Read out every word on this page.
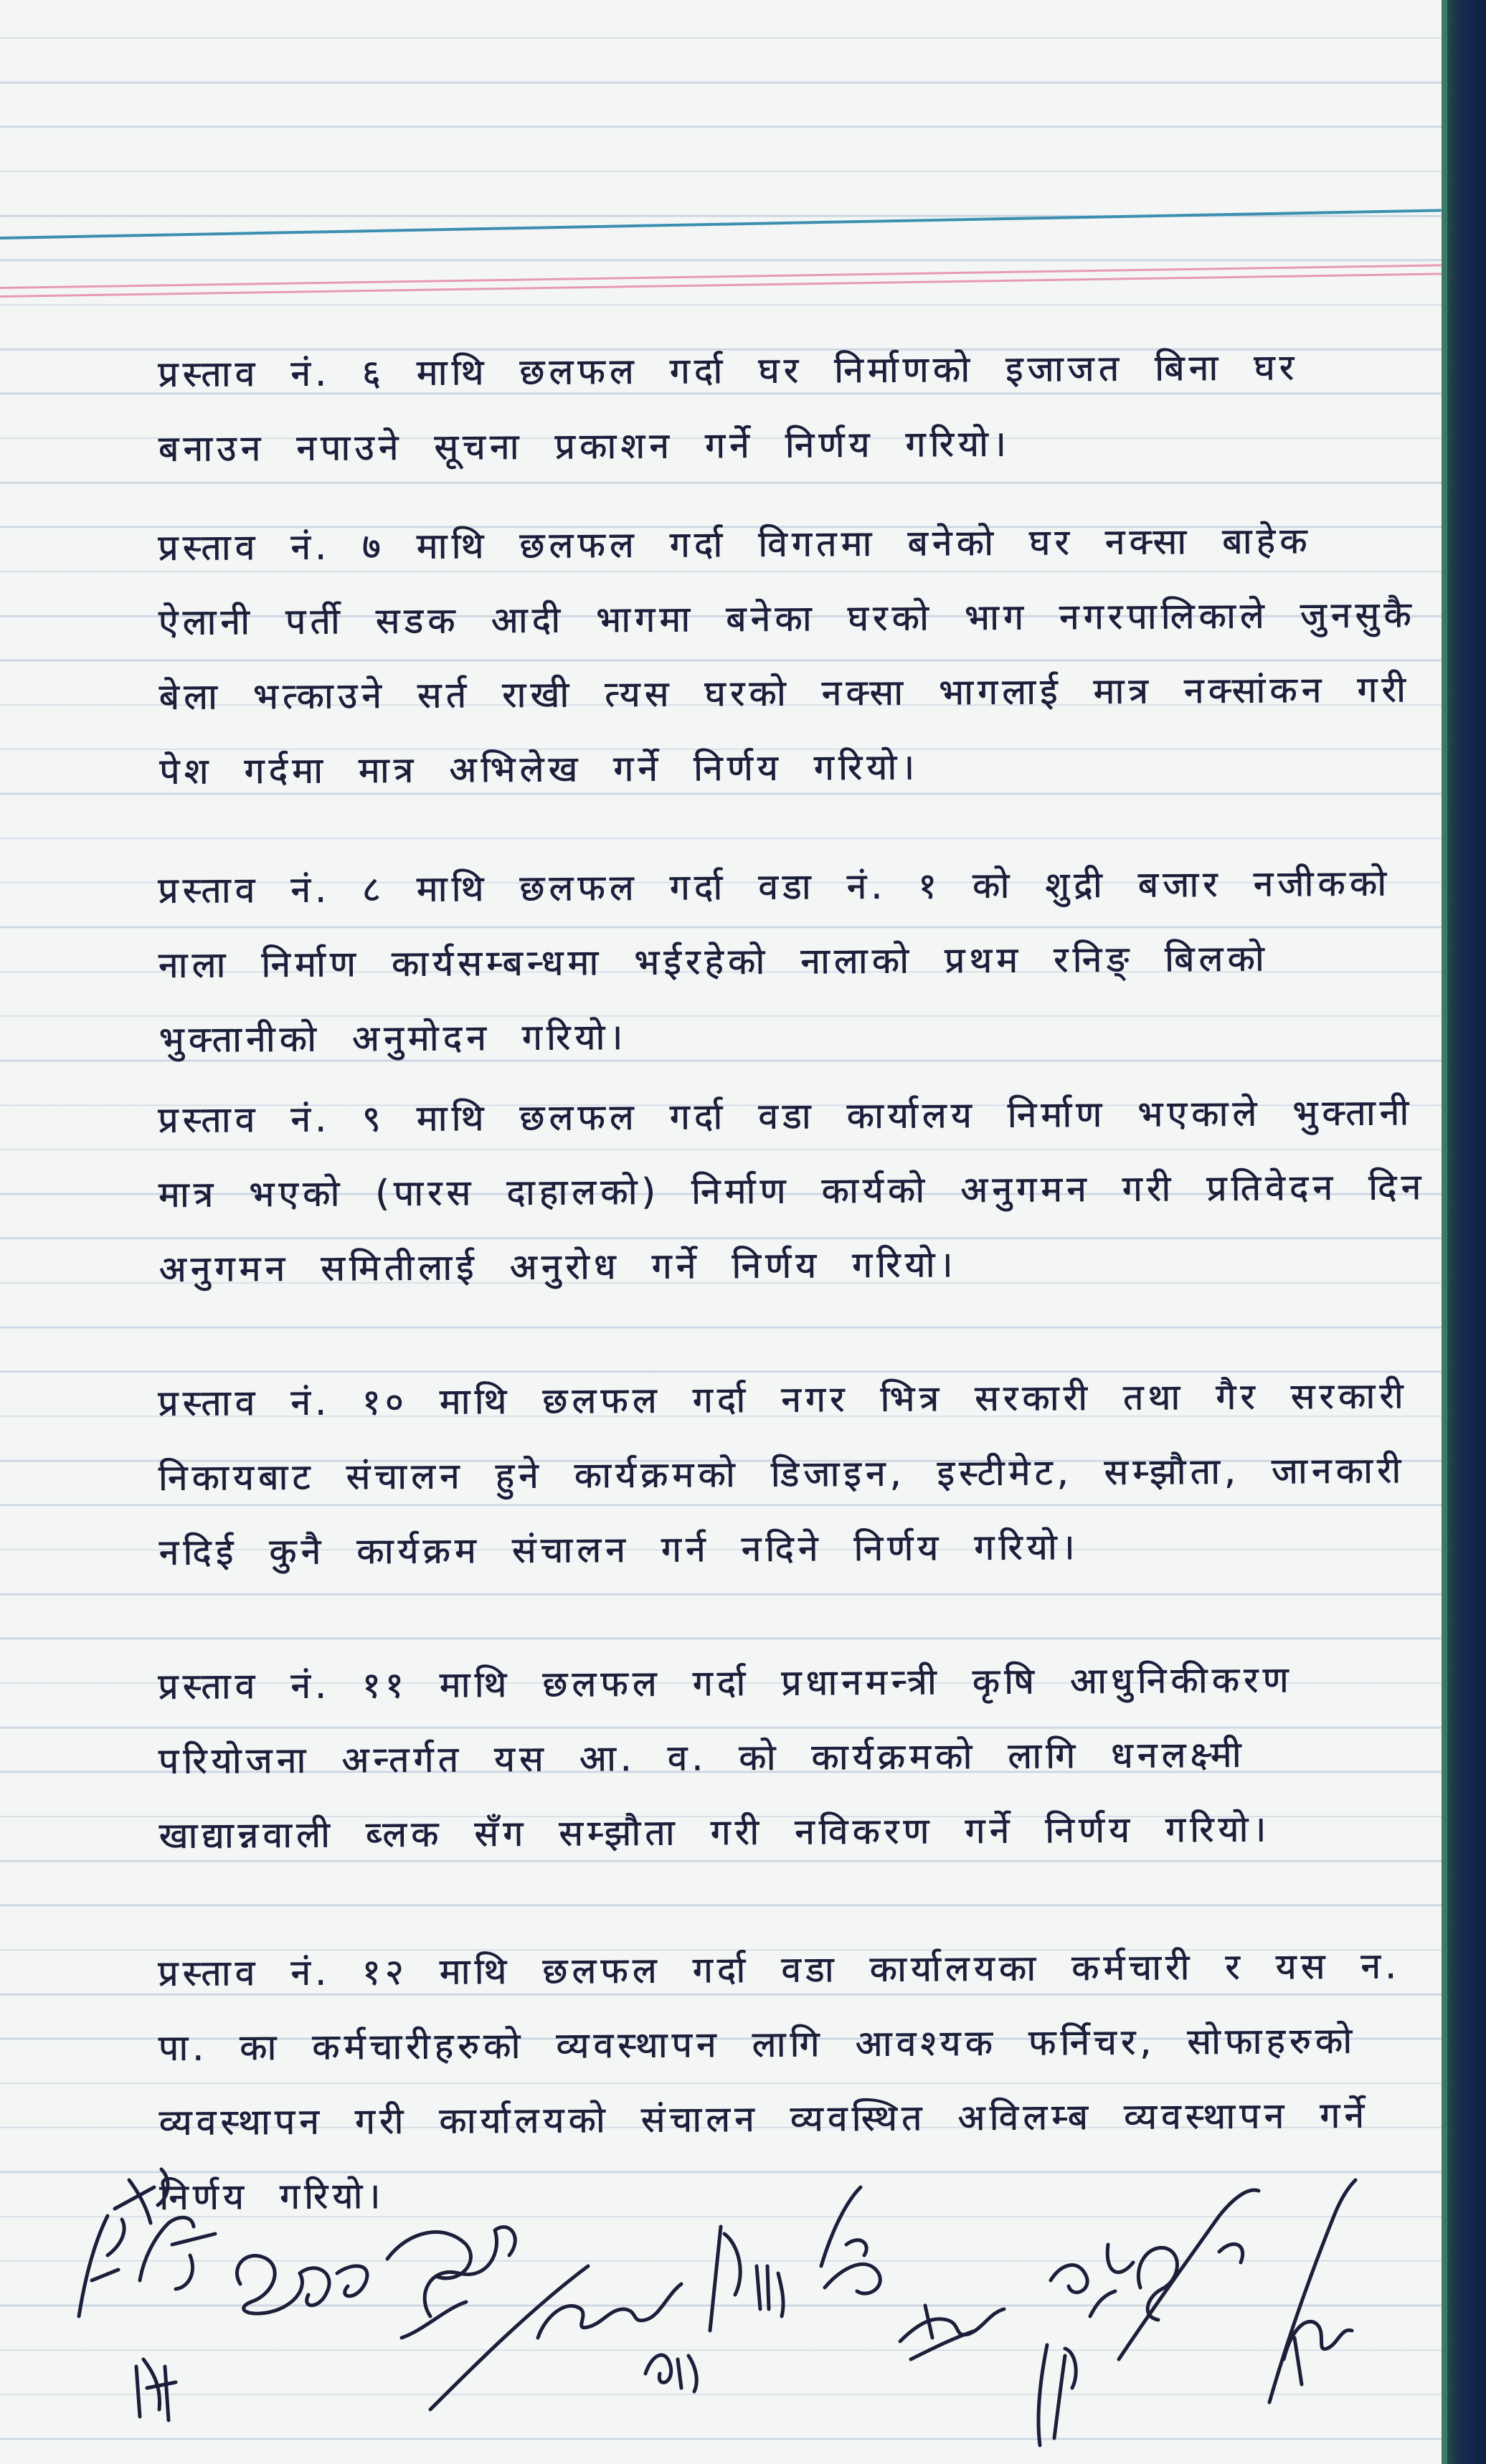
प्रस्ताव नं. ६ माथि छलफल गर्दा घर निर्माणको इजाजत बिना घर बनाउन नपाउने सूचना प्रकाशन गर्ने निर्णय गरियो।
प्रस्ताव नं. ७ माथि छलफल गर्दा विगतमा बनेको घर नक्सा बाहेक ऐलानी पर्ती सडक आदी भागमा बनेका घरको भाग नगरपालिकाले जुनसुकै बेला भत्काउने सर्त राखी त्यस घरको नक्सा भागलाई मात्र नक्सांकन गरी पेश गर्दमा मात्र अभिलेख गर्ने निर्णय गरियो।
प्रस्ताव नं. ८ माथि छलफल गर्दा वडा नं. १ को शुद्री बजार नजीकको नाला निर्माण कार्यसम्बन्धमा भईरहेको नालाको प्रथम रनिङ् बिलको भुक्तानीको अनुमोदन गरियो।
प्रस्ताव नं. ९ माथि छलफल गर्दा वडा कार्यालय निर्माण भएकाले भुक्तानी मात्र भएको (पारस दाहालको) निर्माण कार्यको अनुगमन गरी प्रतिवेदन दिन अनुगमन समितीलाई अनुरोध गर्ने निर्णय गरियो।
प्रस्ताव नं. १० माथि छलफल गर्दा नगर भित्र सरकारी तथा गैर सरकारी निकायबाट संचालन हुने कार्यक्रमको डिजाइन, इस्टीमेट, सम्झौता, जानकारी नदिई कुनै कार्यक्रम संचालन गर्न नदिने निर्णय गरियो।
प्रस्ताव नं. ११ माथि छलफल गर्दा प्रधानमन्त्री कृषि आधुनिकीकरण परियोजना अन्तर्गत यस आ. व. को कार्यक्रमको लागि धनलक्ष्मी खाद्यान्नवाली ब्लक सँग सम्झौता गरी नविकरण गर्ने निर्णय गरियो।
प्रस्ताव नं. १२ माथि छलफल गर्दा वडा कार्यालयका कर्मचारी र यस न. पा. का कर्मचारीहरुको व्यवस्थापन लागि आवश्यक फर्निचर, सोफाहरुको व्यवस्थापन गरी कार्यालयको संचालन व्यवस्थित अविलम्ब व्यवस्थापन गर्ने निर्णय गरियो।
